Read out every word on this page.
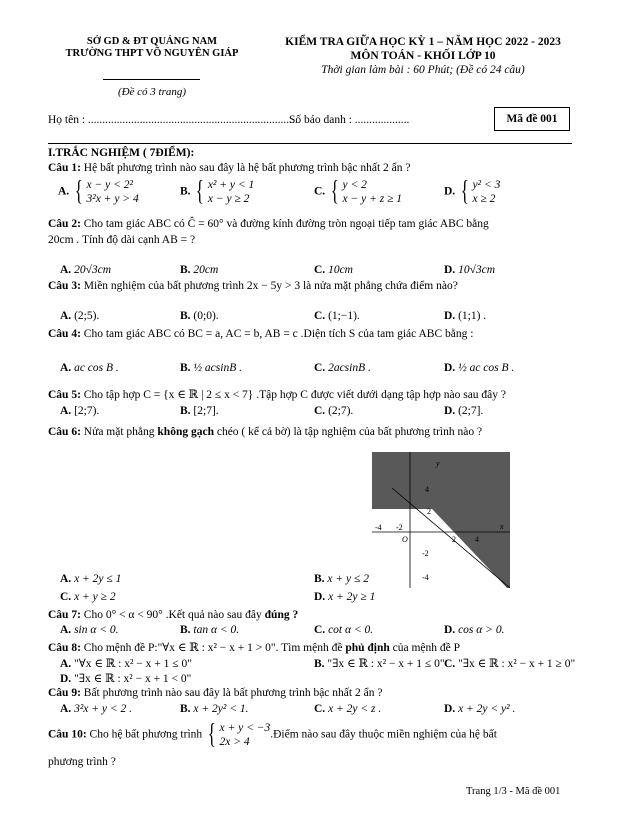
SỞ GD & ĐT QUẢNG NAM
TRƯỜNG THPT VÕ NGUYÊN GIÁP
(Đề có 3 trang)
KIỂM TRA GIỮA HỌC KỲ 1 – NĂM HỌC 2022 - 2023
MÔN TOÁN - KHỐI LỚP 10
Thời gian làm bài : 60 Phút; (Đề có 24 câu)
Họ tên : .........................................................................
Số báo danh : ...................	Mã đề 001
I.TRẮC NGHIỆM ( 7ĐIỂM):
Câu 1: Hệ bất phương trình nào sau đây là hệ bất phương trình bậc nhất 2 ẩn ?
A. { x − y < 2²
3²x + y > 4
B. { x² + y < 1
x − y ≥ 2
C. { y < 2
x − y + z ≥ 1
D. { y² < 3
x ≥ 2
Câu 2: Cho tam giác ABC có Ĉ = 60° và đường kính đường tròn ngoại tiếp tam giác ABC bằng
20cm . Tính độ dài cạnh AB = ?
A. 20√3cm	B. 20cm	C. 10cm	D. 10√3cm
Câu 3: Miền nghiệm của bất phương trình 2x − 5y > 3 là nửa mặt phẳng chứa điểm nào?
A. (2;5).	B. (0;0).	C. (1;−1).	D. (1;1) .
Câu 4: Cho tam giác ABC có BC = a, AC = b, AB = c .Diện tích S của tam giác ABC bằng :
A. ac cos B .	B. ½ acsinB .	C. 2acsinB .	D. ½ ac cos B .
Câu 5: Cho tập hợp C = {x ∈ ℝ | 2 ≤ x < 7} .Tập hợp C được viết dưới dạng tập hợp nào sau đây ?
A. [2;7).	B. [2;7].	C. (2;7).	D. (2;7].
Câu 6: Nửa mặt phẳng không gạch chéo ( kể cả bờ) là tập nghiệm của bất phương trình nào ?
y
x
O
-4 -2
2 4
4
2
-2
-4
A. x + 2y ≤ 1	B. x + y ≤ 2
C. x + y ≥ 2	D. x + 2y ≥ 1
Câu 7: Cho 0° < α < 90° .Kết quả nào sau đây đúng ?
A. sin α < 0.	B. tan α < 0.	C. cot α < 0.	D. cos α > 0.
Câu 8: Cho mệnh đề P:"∀x ∈ ℝ : x² − x + 1 > 0". Tìm mệnh đề phủ định của mệnh đề P
A. "∀x ∈ ℝ : x² − x + 1 ≤ 0"	B. "∃x ∈ ℝ : x² − x + 1 ≤ 0" C. "∃x ∈ ℝ : x² − x + 1 ≥ 0"
D. "∃x ∈ ℝ : x² − x + 1 < 0"
Câu 9: Bất phương trình nào sau đây là bất phương trình bậc nhất 2 ẩn ?
A. 3²x + y < 2 .	B. x + 2y² < 1.	C. x + 2y < z .	D. x + 2y < y² .
Câu 10: Cho hệ bất phương trình { x + y < −3
2x > 4
.Điểm nào sau đây thuộc miền nghiệm của hệ bất
phương trình ?
Trang 1/3 - Mã đề 001
